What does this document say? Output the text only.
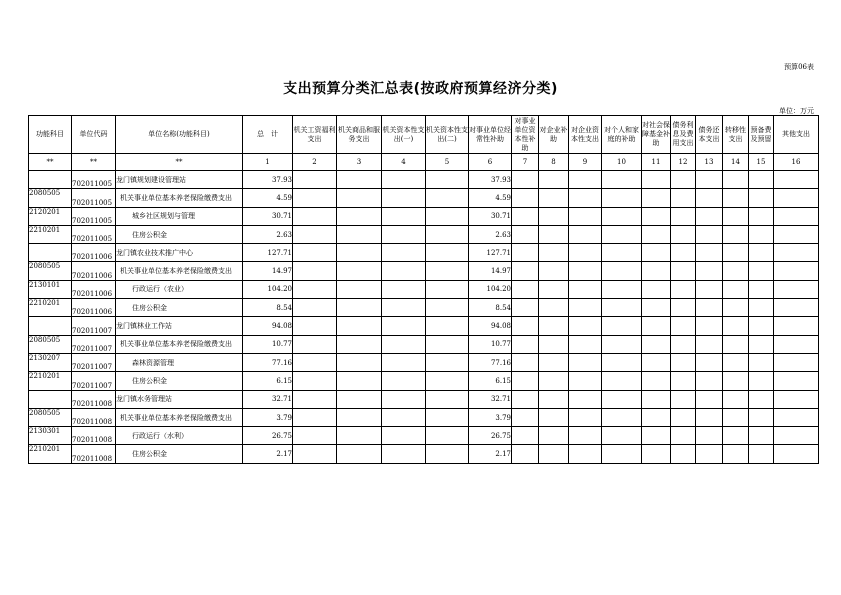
预算06表
支出预算分类汇总表(按政府预算经济分类)
单位：万元
功能科目	单位代码	单位名称(功能科目)	总　计	机关工资福利支出	机关商品和服务支出	机关资本性支出(一)	机关资本性支出(二)	对事业单位经常性补助	对事业单位资本性补助	对企业补助	对企业资本性支出	对个人和家庭的补助	对社会保障基金补助	债务利息及费用支出	债务还本支出	转移性支出	预备费及预留	其他支出
**	**	**	1	2	3	4	5	6	7	8	9	10	11	12	13	14	15	16
	702011005	龙门镇规划建设管理站	37.93					37.93										
2080505	702011005	机关事业单位基本养老保险缴费支出	4.59					4.59										
2120201	702011005	城乡社区规划与管理	30.71					30.71										
2210201	702011005	住房公积金	2.63					2.63										
	702011006	龙门镇农业技术推广中心	127.71					127.71										
2080505	702011006	机关事业单位基本养老保险缴费支出	14.97					14.97										
2130101	702011006	行政运行（农业）	104.20					104.20										
2210201	702011006	住房公积金	8.54					8.54										
	702011007	龙门镇林业工作站	94.08					94.08										
2080505	702011007	机关事业单位基本养老保险缴费支出	10.77					10.77										
2130207	702011007	森林资源管理	77.16					77.16										
2210201	702011007	住房公积金	6.15					6.15										
	702011008	龙门镇水务管理站	32.71					32.71										
2080505	702011008	机关事业单位基本养老保险缴费支出	3.79					3.79										
2130301	702011008	行政运行（水利）	26.75					26.75										
2210201	702011008	住房公积金	2.17					2.17										
